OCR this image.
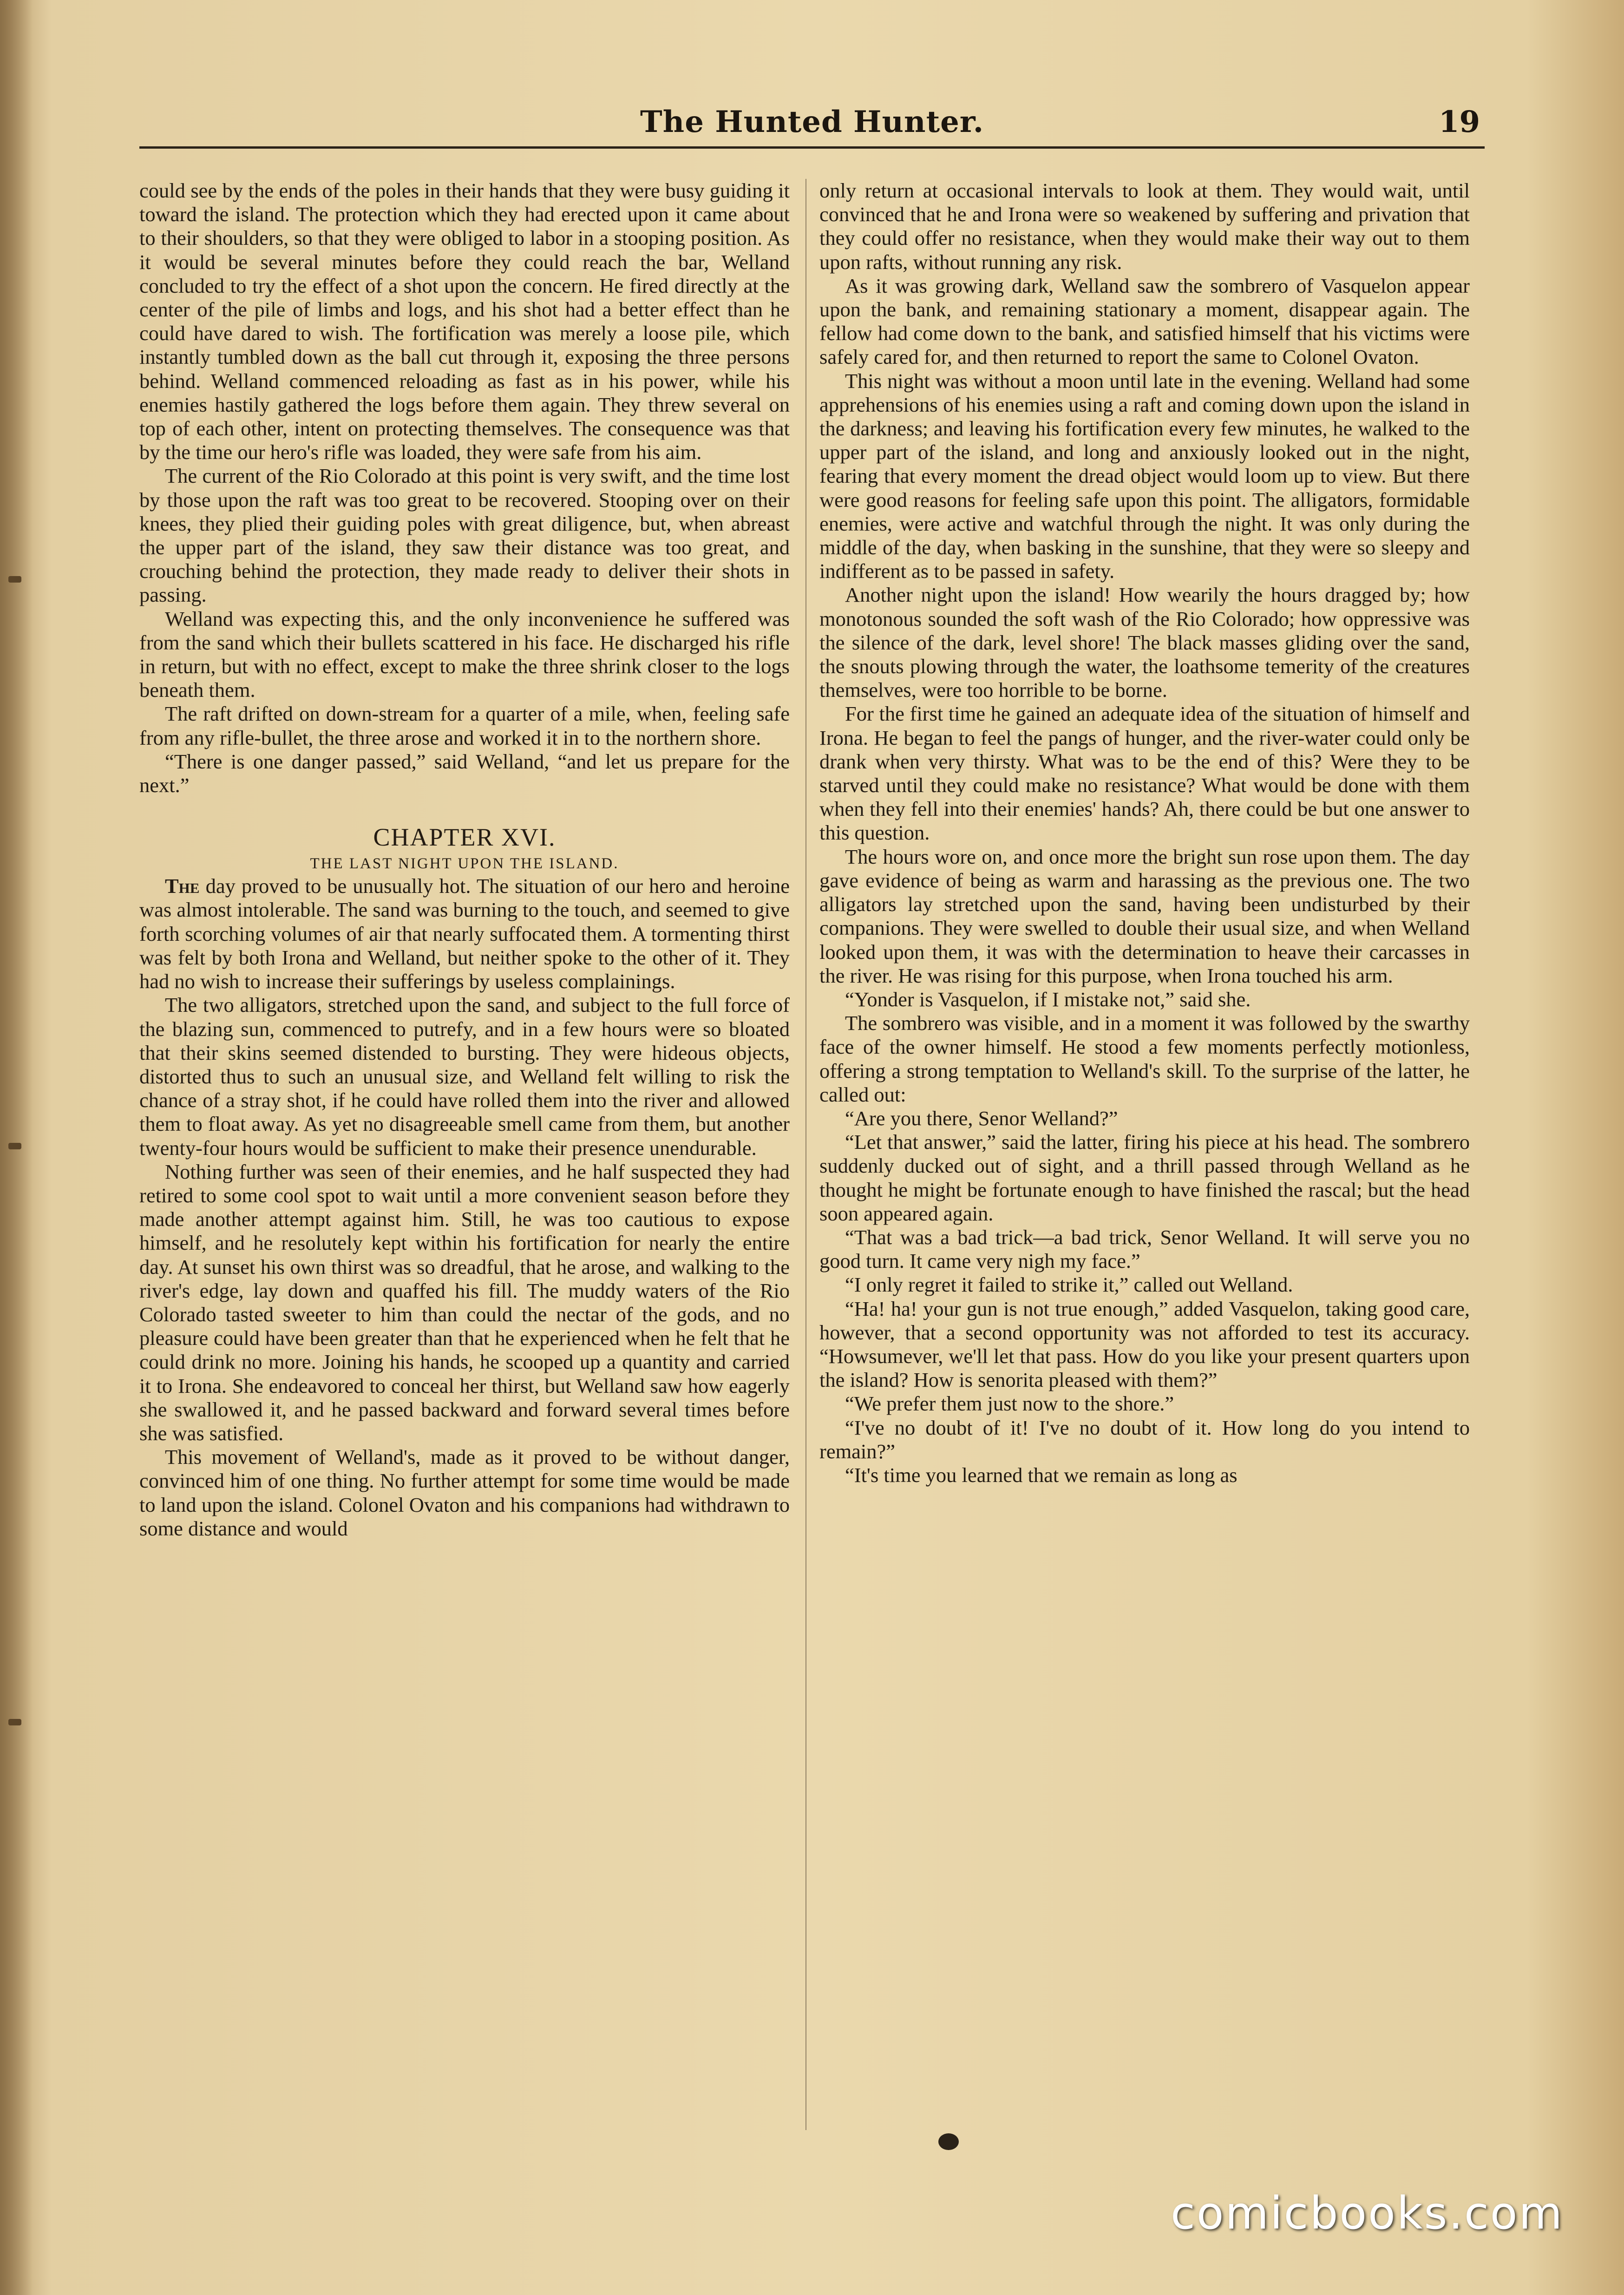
The Hunted Hunter.	19

could see by the ends of the poles in their hands that they were busy guiding it toward the island. The protection which they had erected upon it came about to their shoulders, so that they were obliged to labor in a stooping position. As it would be several minutes before they could reach the bar, Welland concluded to try the effect of a shot upon the concern. He fired directly at the center of the pile of limbs and logs, and his shot had a better effect than he could have dared to wish. The fortification was merely a loose pile, which instantly tumbled down as the ball cut through it, exposing the three persons behind. Welland commenced reloading as fast as in his power, while his enemies hastily gathered the logs before them again. They threw several on top of each other, intent on protecting themselves. The consequence was that by the time our hero's rifle was loaded, they were safe from his aim.

The current of the Rio Colorado at this point is very swift, and the time lost by those upon the raft was too great to be recovered. Stooping over on their knees, they plied their guiding poles with great diligence, but, when abreast the upper part of the island, they saw their distance was too great, and crouching behind the protection, they made ready to deliver their shots in passing.

Welland was expecting this, and the only inconvenience he suffered was from the sand which their bullets scattered in his face. He discharged his rifle in return, but with no effect, except to make the three shrink closer to the logs beneath them.

The raft drifted on down-stream for a quarter of a mile, when, feeling safe from any rifle-bullet, the three arose and worked it in to the northern shore.

“There is one danger passed,” said Welland, “and let us prepare for the next.”

CHAPTER XVI.
THE LAST NIGHT UPON THE ISLAND.

The day proved to be unusually hot. The situation of our hero and heroine was almost intolerable. The sand was burning to the touch, and seemed to give forth scorching volumes of air that nearly suffocated them. A tormenting thirst was felt by both Irona and Welland, but neither spoke to the other of it. They had no wish to increase their sufferings by useless complainings.

The two alligators, stretched upon the sand, and subject to the full force of the blazing sun, commenced to putrefy, and in a few hours were so bloated that their skins seemed distended to bursting. They were hideous objects, distorted thus to such an unusual size, and Welland felt willing to risk the chance of a stray shot, if he could have rolled them into the river and allowed them to float away. As yet no disagreeable smell came from them, but another twenty-four hours would be sufficient to make their presence unendurable.

Nothing further was seen of their enemies, and he half suspected they had retired to some cool spot to wait until a more convenient season before they made another attempt against him. Still, he was too cautious to expose himself, and he resolutely kept within his fortification for nearly the entire day. At sunset his own thirst was so dreadful, that he arose, and walking to the river's edge, lay down and quaffed his fill. The muddy waters of the Rio Colorado tasted sweeter to him than could the nectar of the gods, and no pleasure could have been greater than that he experienced when he felt that he could drink no more. Joining his hands, he scooped up a quantity and carried it to Irona. She endeavored to conceal her thirst, but Welland saw how eagerly she swallowed it, and he passed backward and forward several times before she was satisfied.

This movement of Welland's, made as it proved to be without danger, convinced him of one thing. No further attempt for some time would be made to land upon the island. Colonel Ovaton and his companions had withdrawn to some distance and would

only return at occasional intervals to look at them. They would wait, until convinced that he and Irona were so weakened by suffering and privation that they could offer no resistance, when they would make their way out to them upon rafts, without running any risk.

As it was growing dark, Welland saw the sombrero of Vasquelon appear upon the bank, and remaining stationary a moment, disappear again. The fellow had come down to the bank, and satisfied himself that his victims were safely cared for, and then returned to report the same to Colonel Ovaton.

This night was without a moon until late in the evening. Welland had some apprehensions of his enemies using a raft and coming down upon the island in the darkness; and leaving his fortification every few minutes, he walked to the upper part of the island, and long and anxiously looked out in the night, fearing that every moment the dread object would loom up to view. But there were good reasons for feeling safe upon this point. The alligators, formidable enemies, were active and watchful through the night. It was only during the middle of the day, when basking in the sunshine, that they were so sleepy and indifferent as to be passed in safety.

Another night upon the island! How wearily the hours dragged by; how monotonous sounded the soft wash of the Rio Colorado; how oppressive was the silence of the dark, level shore! The black masses gliding over the sand, the snouts plowing through the water, the loathsome temerity of the creatures themselves, were too horrible to be borne.

For the first time he gained an adequate idea of the situation of himself and Irona. He began to feel the pangs of hunger, and the river-water could only be drank when very thirsty. What was to be the end of this? Were they to be starved until they could make no resistance? What would be done with them when they fell into their enemies' hands? Ah, there could be but one answer to this question.

The hours wore on, and once more the bright sun rose upon them. The day gave evidence of being as warm and harassing as the previous one. The two alligators lay stretched upon the sand, having been undisturbed by their companions. They were swelled to double their usual size, and when Welland looked upon them, it was with the determination to heave their carcasses in the river. He was rising for this purpose, when Irona touched his arm.

“Yonder is Vasquelon, if I mistake not,” said she.

The sombrero was visible, and in a moment it was followed by the swarthy face of the owner himself. He stood a few moments perfectly motionless, offering a strong temptation to Welland's skill. To the surprise of the latter, he called out:

“Are you there, Senor Welland?”

“Let that answer,” said the latter, firing his piece at his head. The sombrero suddenly ducked out of sight, and a thrill passed through Welland as he thought he might be fortunate enough to have finished the rascal; but the head soon appeared again.

“That was a bad trick—a bad trick, Senor Welland. It will serve you no good turn. It came very nigh my face.”

“I only regret it failed to strike it,” called out Welland.

“Ha! ha! your gun is not true enough,” added Vasquelon, taking good care, however, that a second opportunity was not afforded to test its accuracy. “Howsumever, we'll let that pass. How do you like your present quarters upon the island? How is senorita pleased with them?”

“We prefer them just now to the shore.”

“I've no doubt of it! I've no doubt of it. How long do you intend to remain?”

“It's time you learned that we remain as long as

comicbooks.com
